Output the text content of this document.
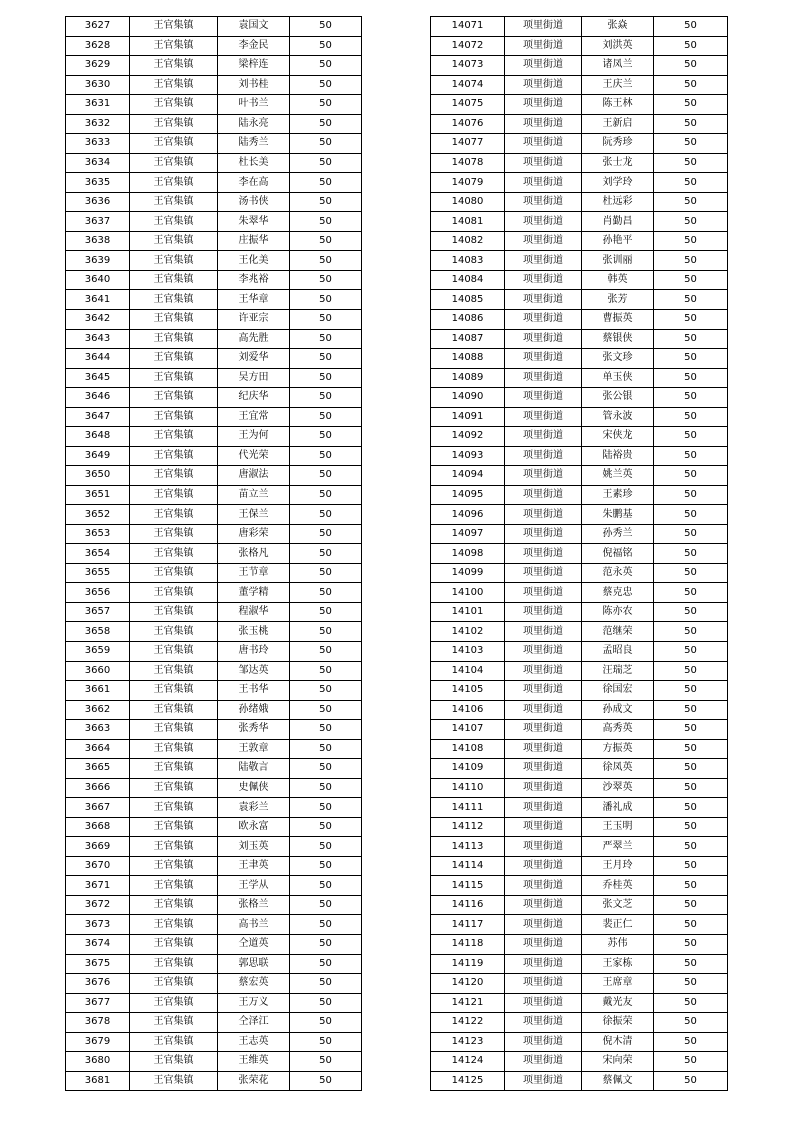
3627	王官集镇	袁国文	50
3628	王官集镇	李金民	50
3629	王官集镇	梁梓连	50
3630	王官集镇	刘书桂	50
3631	王官集镇	叶书兰	50
3632	王官集镇	陆永亮	50
3633	王官集镇	陆秀兰	50
3634	王官集镇	杜长美	50
3635	王官集镇	李在高	50
3636	王官集镇	汤书侠	50
3637	王官集镇	朱翠华	50
3638	王官集镇	庄振华	50
3639	王官集镇	王化美	50
3640	王官集镇	李兆裕	50
3641	王官集镇	王华章	50
3642	王官集镇	许亚宗	50
3643	王官集镇	高先胜	50
3644	王官集镇	刘爱华	50
3645	王官集镇	吴方田	50
3646	王官集镇	纪庆华	50
3647	王官集镇	王宜常	50
3648	王官集镇	王为何	50
3649	王官集镇	代光荣	50
3650	王官集镇	唐淑法	50
3651	王官集镇	苗立兰	50
3652	王官集镇	王保兰	50
3653	王官集镇	唐彩荣	50
3654	王官集镇	张格凡	50
3655	王官集镇	王节章	50
3656	王官集镇	董学精	50
3657	王官集镇	程淑华	50
3658	王官集镇	张玉桃	50
3659	王官集镇	唐书玲	50
3660	王官集镇	邹达英	50
3661	王官集镇	王书华	50
3662	王官集镇	孙绪娥	50
3663	王官集镇	张秀华	50
3664	王官集镇	王敦章	50
3665	王官集镇	陆敬言	50
3666	王官集镇	史佩侠	50
3667	王官集镇	袁彩兰	50
3668	王官集镇	欧永富	50
3669	王官集镇	刘玉英	50
3670	王官集镇	王聿英	50
3671	王官集镇	王学从	50
3672	王官集镇	张格兰	50
3673	王官集镇	高书兰	50
3674	王官集镇	仝道英	50
3675	王官集镇	郭思联	50
3676	王官集镇	蔡宏英	50
3677	王官集镇	王万义	50
3678	王官集镇	仝泽江	50
3679	王官集镇	王志英	50
3680	王官集镇	王维英	50
3681	王官集镇	张荣花	50
14071	项里街道	张焱	50
14072	项里街道	刘洪英	50
14073	项里街道	诸凤兰	50
14074	项里街道	王庆兰	50
14075	项里街道	陈王林	50
14076	项里街道	王新启	50
14077	项里街道	阮秀珍	50
14078	项里街道	张士龙	50
14079	项里街道	刘学玲	50
14080	项里街道	杜远彩	50
14081	项里街道	肖勤昌	50
14082	项里街道	孙艳平	50
14083	项里街道	张训丽	50
14084	项里街道	韩英	50
14085	项里街道	张芳	50
14086	项里街道	曹振英	50
14087	项里街道	蔡银侠	50
14088	项里街道	张文珍	50
14089	项里街道	单玉侠	50
14090	项里街道	张公银	50
14091	项里街道	管永波	50
14092	项里街道	宋侠龙	50
14093	项里街道	陆裕贵	50
14094	项里街道	姚兰英	50
14095	项里街道	王素珍	50
14096	项里街道	朱鹏基	50
14097	项里街道	孙秀兰	50
14098	项里街道	倪福铭	50
14099	项里街道	范永英	50
14100	项里街道	蔡克忠	50
14101	项里街道	陈亦农	50
14102	项里街道	范继荣	50
14103	项里街道	孟昭良	50
14104	项里街道	汪瑞芝	50
14105	项里街道	徐国宏	50
14106	项里街道	孙成文	50
14107	项里街道	高秀英	50
14108	项里街道	方振英	50
14109	项里街道	徐凤英	50
14110	项里街道	沙翠英	50
14111	项里街道	潘礼成	50
14112	项里街道	王玉明	50
14113	项里街道	严翠兰	50
14114	项里街道	王月玲	50
14115	项里街道	乔桂英	50
14116	项里街道	张文芝	50
14117	项里街道	裴正仁	50
14118	项里街道	苏伟	50
14119	项里街道	王家栋	50
14120	项里街道	王席章	50
14121	项里街道	戴光友	50
14122	项里街道	徐振荣	50
14123	项里街道	倪木清	50
14124	项里街道	宋向荣	50
14125	项里街道	蔡佩文	50
